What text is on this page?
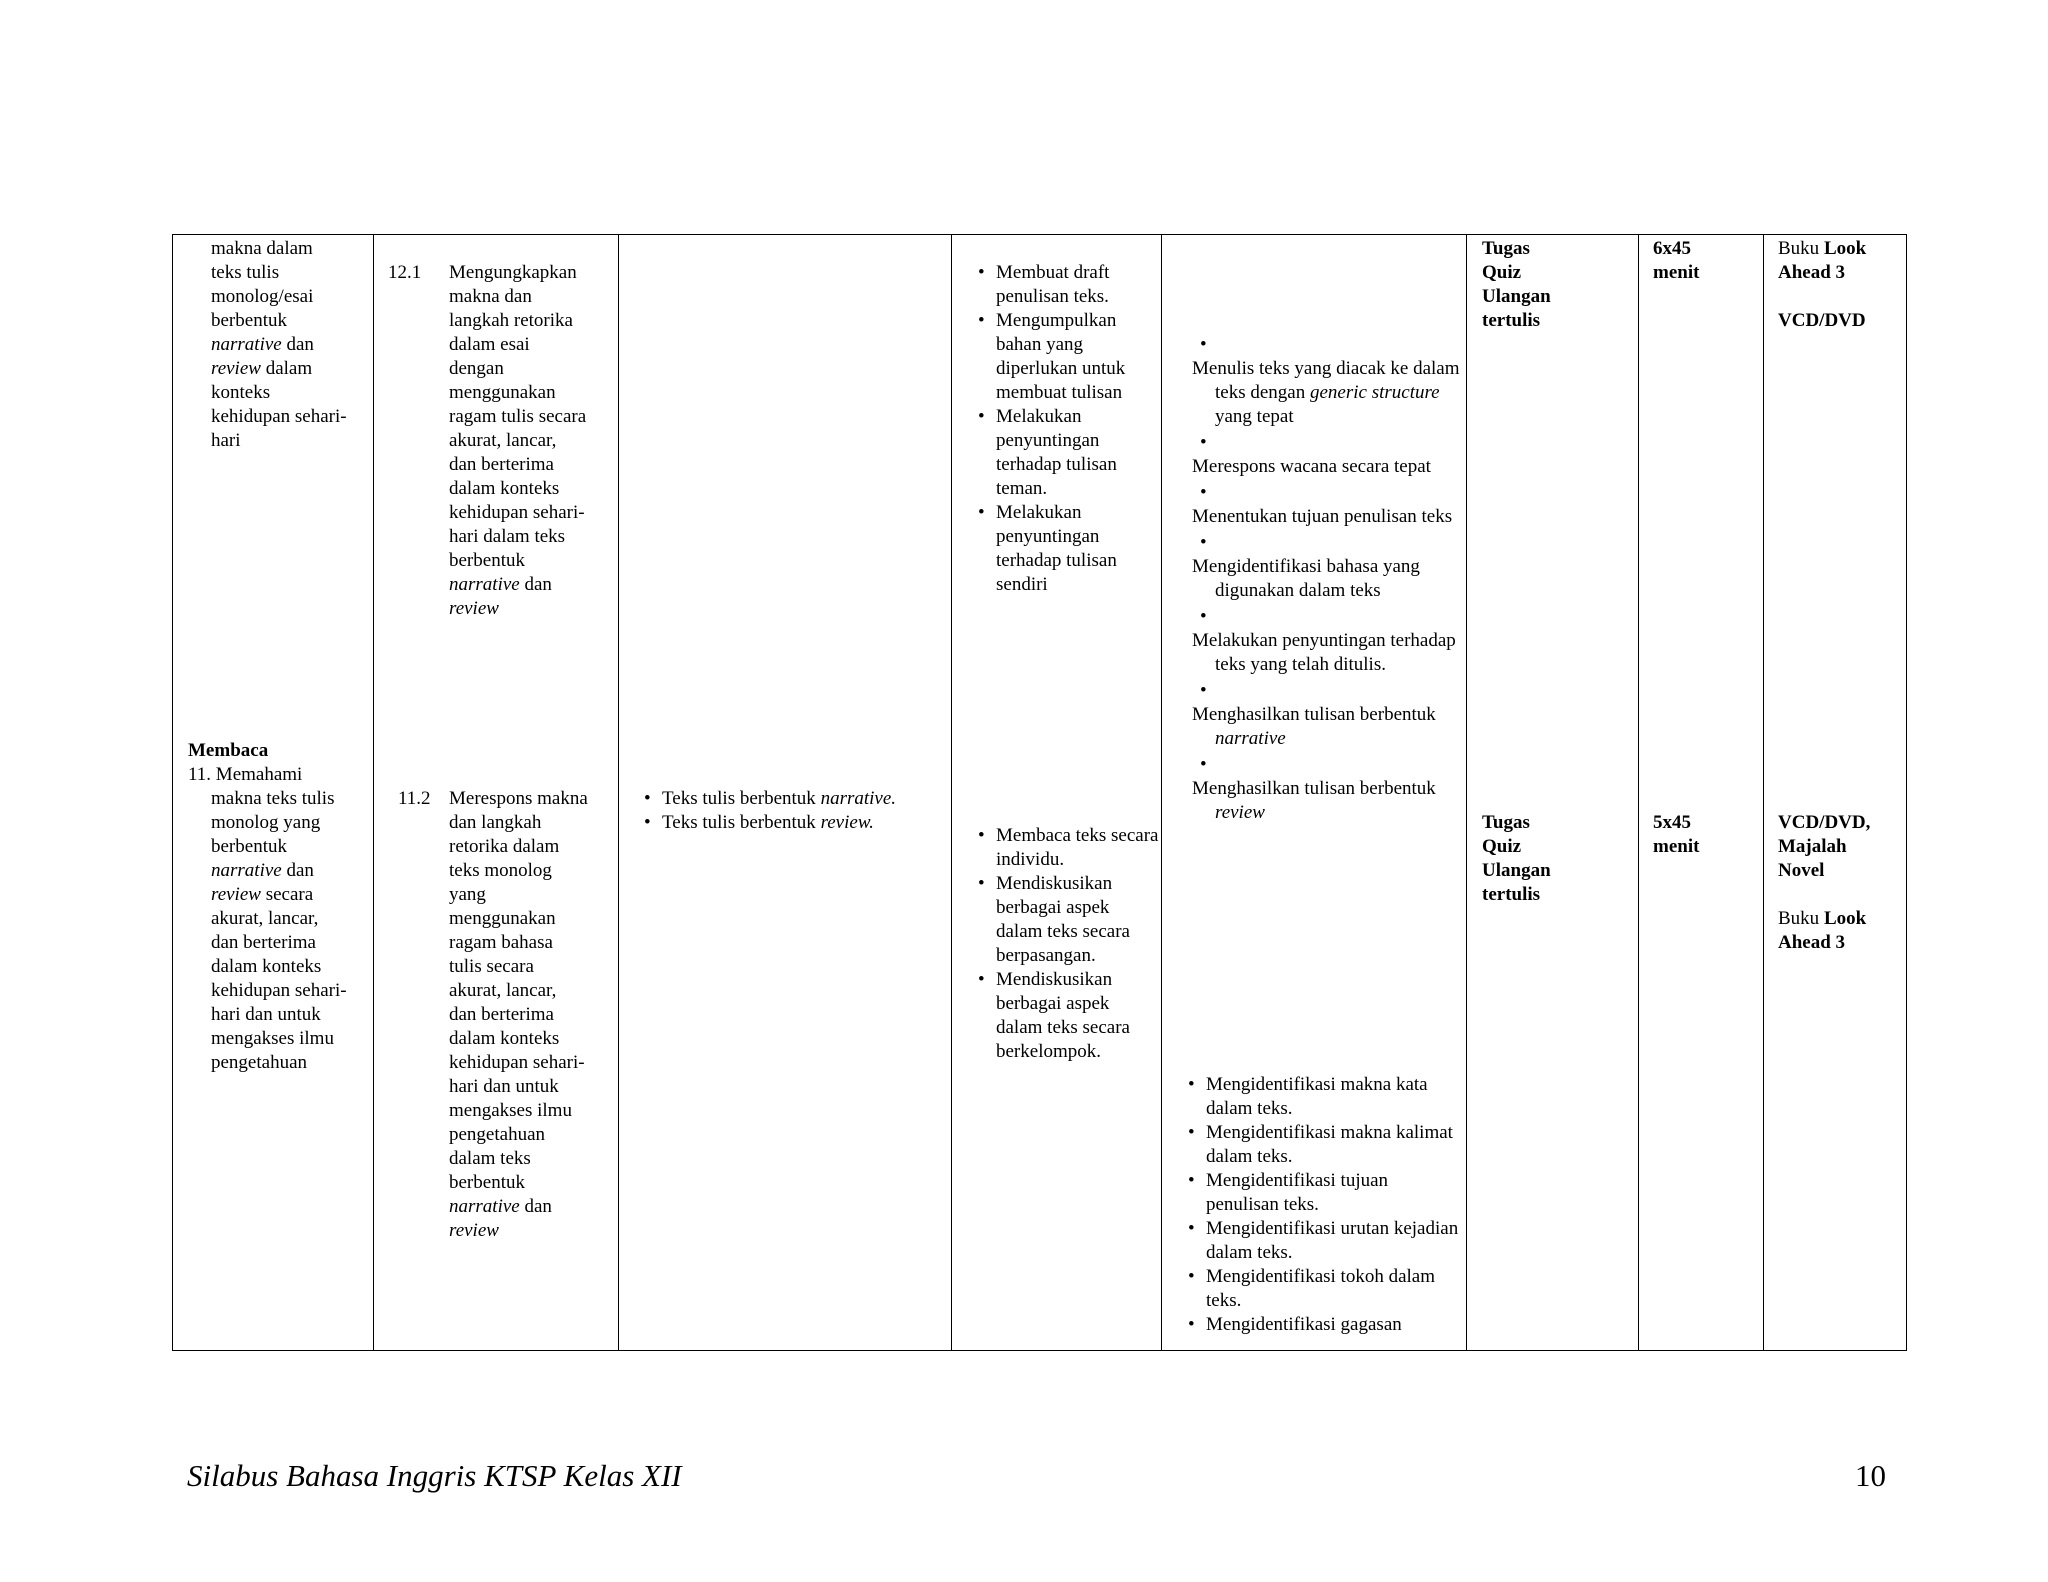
makna dalam

teks tulis

monolog/esai

berbentuk

narrative dan

review dalam

konteks

kehidupan sehari-

hari

Membaca

11. Memahami

makna teks tulis

monolog yang

berbentuk

narrative dan

review secara

akurat, lancar,

dan berterima

dalam konteks

kehidupan sehari-

hari dan untuk

mengakses ilmu

pengetahuan

12.1 Mengungkapkan

makna dan

langkah retorika

dalam esai

dengan

menggunakan

ragam tulis secara

akurat, lancar,

dan berterima

dalam konteks

kehidupan sehari-

hari dalam teks

berbentuk

narrative dan

review

11.2 Merespons makna

dan langkah

retorika dalam

teks monolog

yang

menggunakan

ragam bahasa

tulis secara

akurat, lancar,

dan berterima

dalam konteks

kehidupan sehari-

hari dan untuk

mengakses ilmu

pengetahuan

dalam teks

berbentuk

narrative dan

review

• Teks tulis berbentuk narrative.
• Teks tulis berbentuk review.
• Membuat draft penulisan teks.
• Mengumpulkan bahan yang diperlukan untuk membuat tulisan
• Melakukan penyuntingan terhadap tulisan teman.
• Melakukan penyuntingan terhadap tulisan sendiri
• Membaca teks secara individu.
• Mendiskusikan berbagai aspek dalam teks secara berpasangan.
• Mendiskusikan berbagai aspek dalam teks secara berkelompok.
•
Menulis teks yang diacak ke dalam teks dengan generic structure yang tepat
•
Merespons wacana secara tepat
•
Menentukan tujuan penulisan teks
•
Mengidentifikasi bahasa yang digunakan dalam teks
•
Melakukan penyuntingan terhadap teks yang telah ditulis.
•
Menghasilkan tulisan berbentuk narrative
•
Menghasilkan tulisan berbentuk review
• Mengidentifikasi makna kata dalam teks.
• Mengidentifikasi makna kalimat dalam teks.
• Mengidentifikasi tujuan penulisan teks.
• Mengidentifikasi urutan kejadian dalam teks.
• Mengidentifikasi tokoh dalam teks.
• Mengidentifikasi gagasan

Tugas

Quiz

Ulangan

tertulis

Tugas

Quiz

Ulangan

tertulis

6x45

menit

5x45

menit

Buku Look

Ahead 3

VCD/DVD

VCD/DVD,

Majalah

Novel

Buku Look

Ahead 3

Silabus Bahasa Inggris KTSP Kelas XII	10
